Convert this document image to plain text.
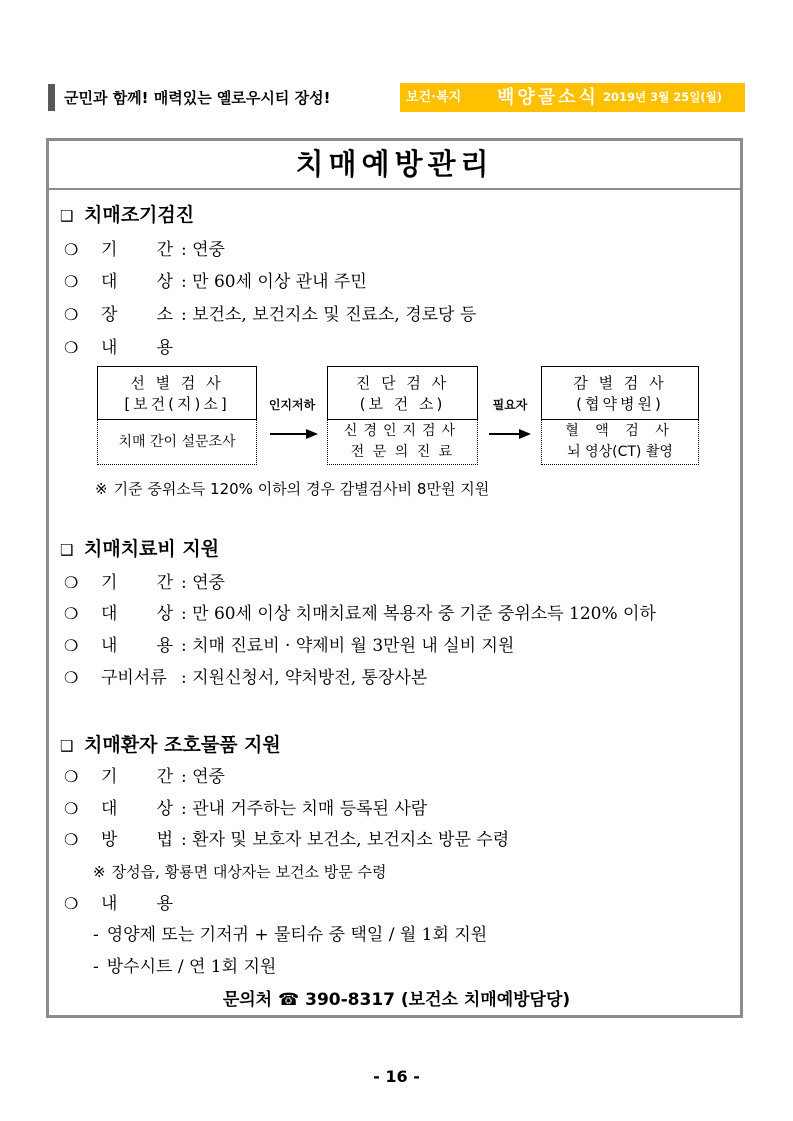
군민과 함께! 매력있는 옐로우시티 장성!	보건·복지 백양골소식 2019년 3월 25일(월)
치매예방관리
❑ 치매조기검진
❍ 기 간 : 연중
❍ 대 상 : 만 60세 이상 관내 주민
❍ 장 소 : 보건소, 보건지소 및 진료소, 경로당 등
❍ 내 용
선 별 검 사
[보건(지)소]
치매 간이 설문조사
인지저하
진 단 검 사
(보 건 소)
신경인지검사
전 문 의 진 료
필요자
감 별 검 사
(협약병원)
혈 액 검 사
뇌 영상(CT) 촬영
※ 기준 중위소득 120% 이하의 경우 감별검사비 8만원 지원
❑ 치매치료비 지원
❍ 기 간 : 연중
❍ 대 상 : 만 60세 이상 치매치료제 복용자 중 기준 중위소득 120% 이하
❍ 내 용 : 치매 진료비 · 약제비 월 3만원 내 실비 지원
❍ 구비서류 : 지원신청서, 약처방전, 통장사본
❑ 치매환자 조호물품 지원
❍ 기 간 : 연중
❍ 대 상 : 관내 거주하는 치매 등록된 사람
❍ 방 법 : 환자 및 보호자 보건소, 보건지소 방문 수령
※ 장성읍, 황룡면 대상자는 보건소 방문 수령
❍ 내 용
- 영양제 또는 기저귀 + 물티슈 중 택일 / 월 1회 지원
- 방수시트 / 연 1회 지원
문의처 ☎ 390-8317 (보건소 치매예방담당)
- 16 -
